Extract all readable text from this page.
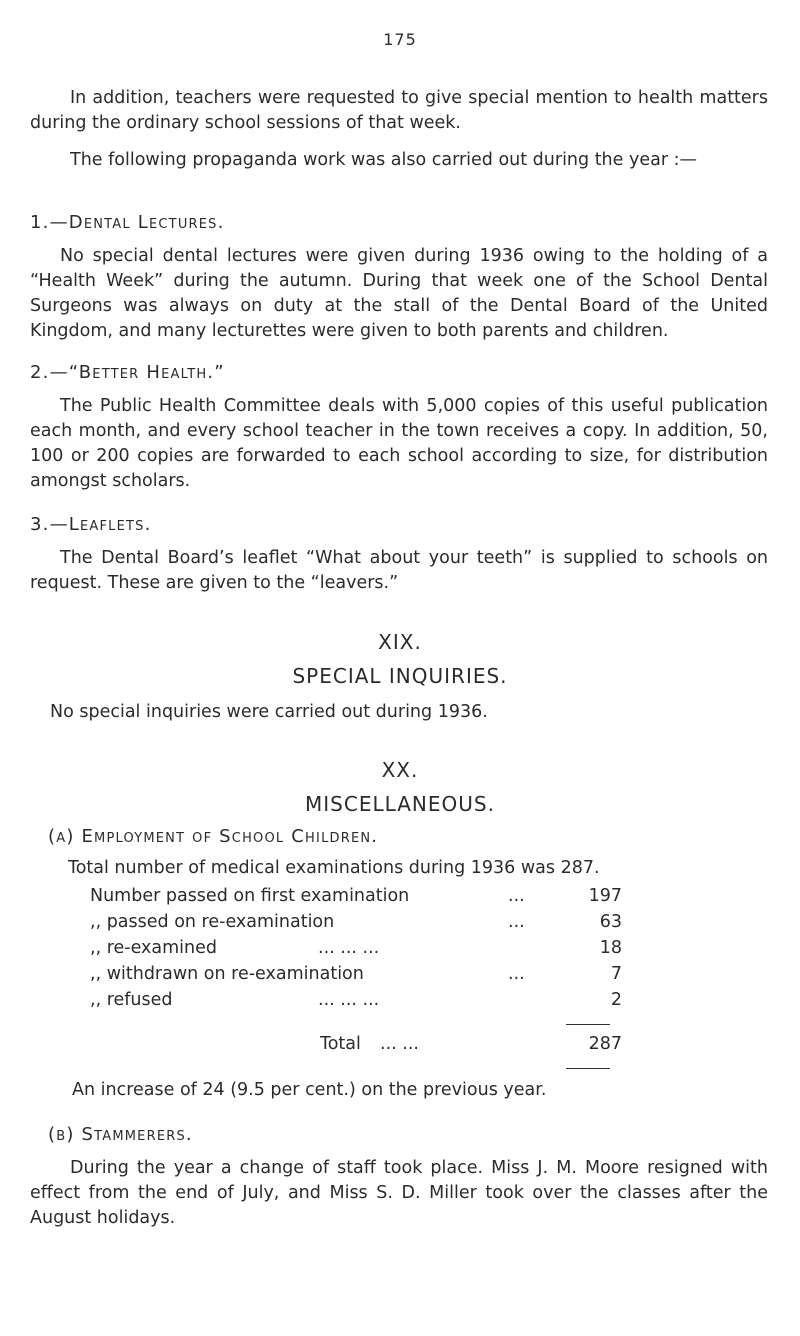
175
In addition, teachers were requested to give special mention to health matters during the ordinary school sessions of that week.
The following propaganda work was also carried out during the year :—
1.—Dental Lectures.
No special dental lectures were given during 1936 owing to the holding of a “Health Week” during the autumn. During that week one of the School Dental Surgeons was always on duty at the stall of the Dental Board of the United Kingdom, and many lecturettes were given to both parents and children.
2.—“Better Health.”
The Public Health Committee deals with 5,000 copies of this useful publication each month, and every school teacher in the town receives a copy. In addition, 50, 100 or 200 copies are forwarded to each school according to size, for distribution amongst scholars.
3.—Leaflets.
The Dental Board’s leaflet “What about your teeth” is supplied to schools on request. These are given to the “leavers.”
XIX.
SPECIAL INQUIRIES.
No special inquiries were carried out during 1936.
XX.
MISCELLANEOUS.
(a) Employment of School Children.
Total number of medical examinations during 1936 was 287.
Number passed on first examination	...	197
,, passed on re-examination	...	63
,, re-examined	... ... ...	18
,, withdrawn on re-examination	...	7
,, refused	... ... ...	2
Total ... ...	287
An increase of 24 (9.5 per cent.) on the previous year.
(b) Stammerers.
During the year a change of staff took place. Miss J. M. Moore resigned with effect from the end of July, and Miss S. D. Miller took over the classes after the August holidays.
